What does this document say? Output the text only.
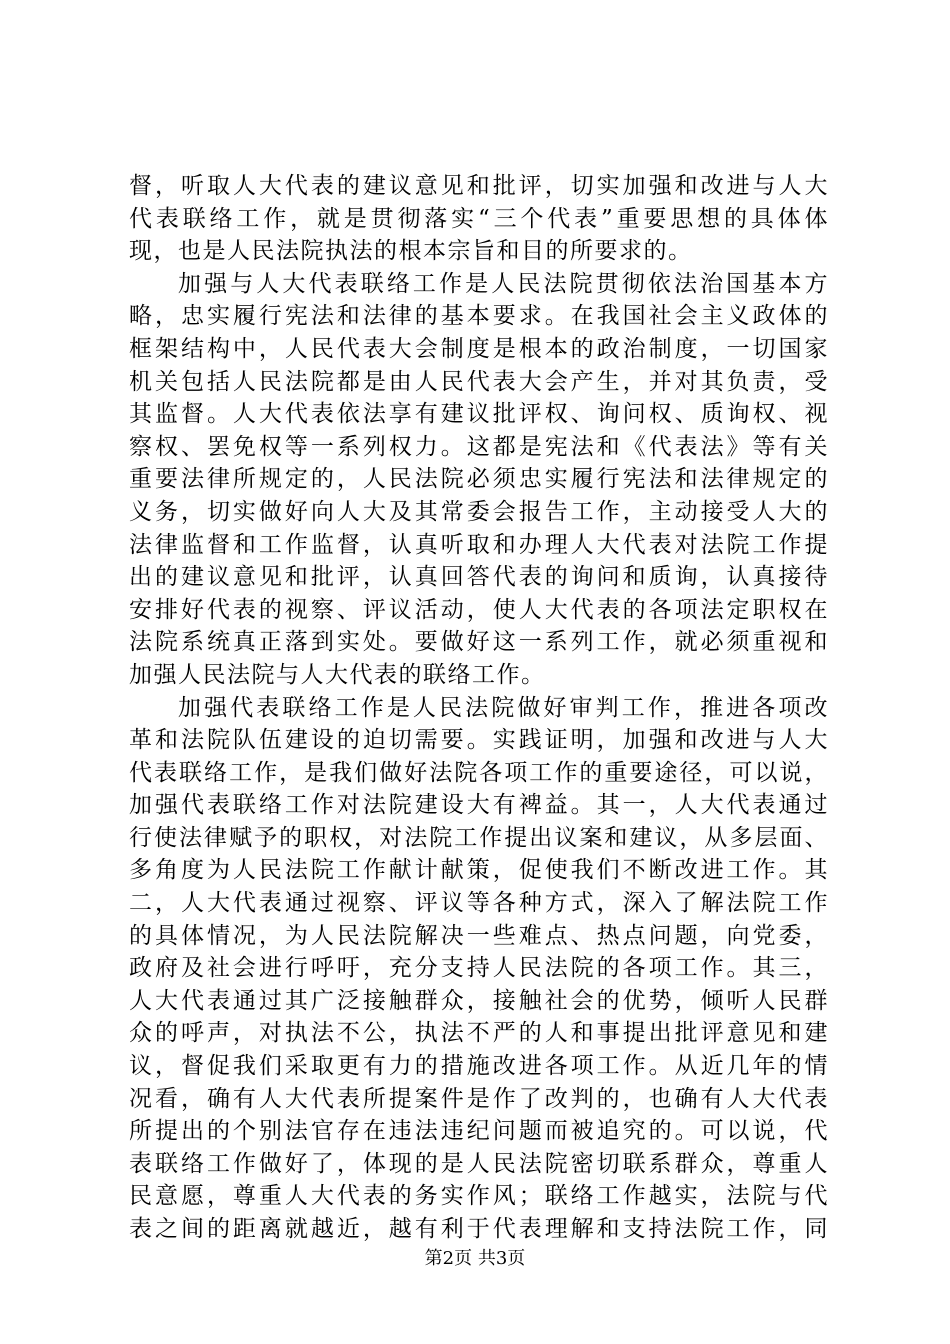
督，听取人大代表的建议意见和批评，切实加强和改进与人大
代表联络工作，就是贯彻落实“三个代表”重要思想的具体体
现，也是人民法院执法的根本宗旨和目的所要求的。
加强与人大代表联络工作是人民法院贯彻依法治国基本方
略，忠实履行宪法和法律的基本要求。在我国社会主义政体的
框架结构中，人民代表大会制度是根本的政治制度，一切国家
机关包括人民法院都是由人民代表大会产生，并对其负责，受
其监督。人大代表依法享有建议批评权、询问权、质询权、视
察权、罢免权等一系列权力。这都是宪法和《代表法》等有关
重要法律所规定的，人民法院必须忠实履行宪法和法律规定的
义务，切实做好向人大及其常委会报告工作，主动接受人大的
法律监督和工作监督，认真听取和办理人大代表对法院工作提
出的建议意见和批评，认真回答代表的询问和质询，认真接待
安排好代表的视察、评议活动，使人大代表的各项法定职权在
法院系统真正落到实处。要做好这一系列工作，就必须重视和
加强人民法院与人大代表的联络工作。
加强代表联络工作是人民法院做好审判工作，推进各项改
革和法院队伍建设的迫切需要。实践证明，加强和改进与人大
代表联络工作，是我们做好法院各项工作的重要途径，可以说，
加强代表联络工作对法院建设大有裨益。其一，人大代表通过
行使法律赋予的职权，对法院工作提出议案和建议，从多层面、
多角度为人民法院工作献计献策，促使我们不断改进工作。其
二，人大代表通过视察、评议等各种方式，深入了解法院工作
的具体情况，为人民法院解决一些难点、热点问题，向党委，
政府及社会进行呼吁，充分支持人民法院的各项工作。其三，
人大代表通过其广泛接触群众，接触社会的优势，倾听人民群
众的呼声，对执法不公，执法不严的人和事提出批评意见和建
议，督促我们采取更有力的措施改进各项工作。从近几年的情
况看，确有人大代表所提案件是作了改判的，也确有人大代表
所提出的个别法官存在违法违纪问题而被追究的。可以说，代
表联络工作做好了，体现的是人民法院密切联系群众，尊重人
民意愿，尊重人大代表的务实作风；联络工作越实，法院与代
表之间的距离就越近，越有利于代表理解和支持法院工作，同
第2页 共3页
